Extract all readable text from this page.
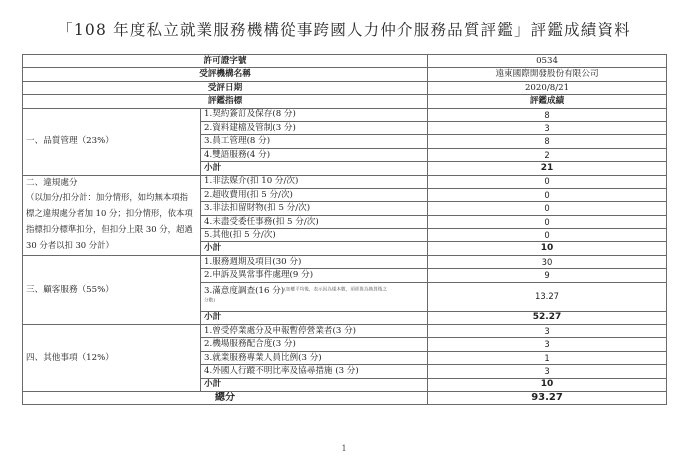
「108 年度私立就業服務機構從事跨國人力仲介服務品質評鑑」評鑑成績資料
許可證字號		0534
受評機構名稱		遠東國際開發股份有限公司
受評日期		2020/8/21
評鑑指標		評鑑成績

一、品質管理（23%）	1.契約簽訂及保存(8 分)	8
	2.資料建檔及管制(3 分)	3
	3.員工管理(8 分)	8
	4.雙語服務(4 分)	2
	小計	21

二、違規處分
（以加分/扣分計：加分情形，如均無本項指
標之違規處分者加 10 分；扣分情形，依本項
指標扣分標準扣分，但扣分上限 30 分，超過
30 分者以扣 30 分計）	1.非法媒介(扣 10 分/次)	0
	2.超收費用(扣 5 分/次)	0
	3.非法扣留財物(扣 5 分/次)	0
	4.未盡受委任事務(扣 5 分/次)	0
	5.其他(扣 5 分/次)	0
	小計	10

三、顧客服務（55%）	1.服務週期及項目(30 分)	30
	2.申訴及異常事件處理(9 分)	9
	3.滿意度調查(16 分)(加權平均後，表示因為樣本數，須經推為換算後之
分數)	13.27
	小計	52.27

四、其他事項（12%）	1.曾受停業處分及申報暫停營業者(3 分)	3
	2.機場服務配合度(3 分)	3
	3.就業服務專業人員比例(3 分)	1
	4.外國人行蹤不明比率及協尋措施 (3 分)	3
	小計	10
總分		93.27
1
